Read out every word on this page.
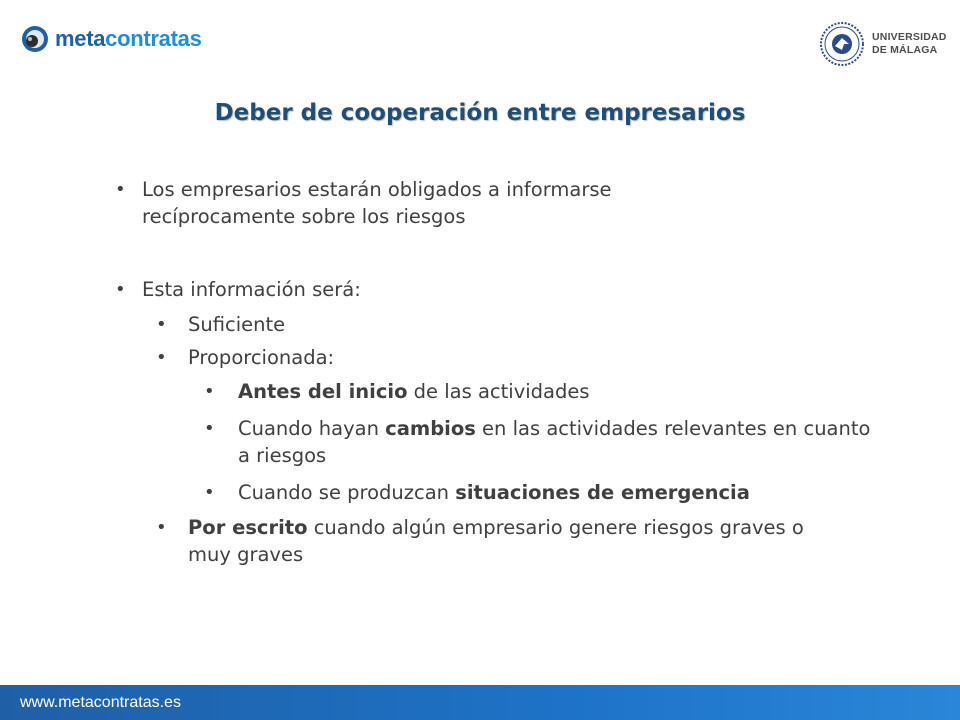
metacontratas	UNIVERSIDAD
DE MÁLAGA
Deber de cooperación entre empresarios
• Los empresarios estarán obligados a informarse recíprocamente sobre los riesgos
• Esta información será:
• Suficiente
• Proporcionada:
• Antes del inicio de las actividades
• Cuando hayan cambios en las actividades relevantes en cuanto a riesgos
• Cuando se produzcan situaciones de emergencia
• Por escrito cuando algún empresario genere riesgos graves o muy graves
www.metacontratas.es
